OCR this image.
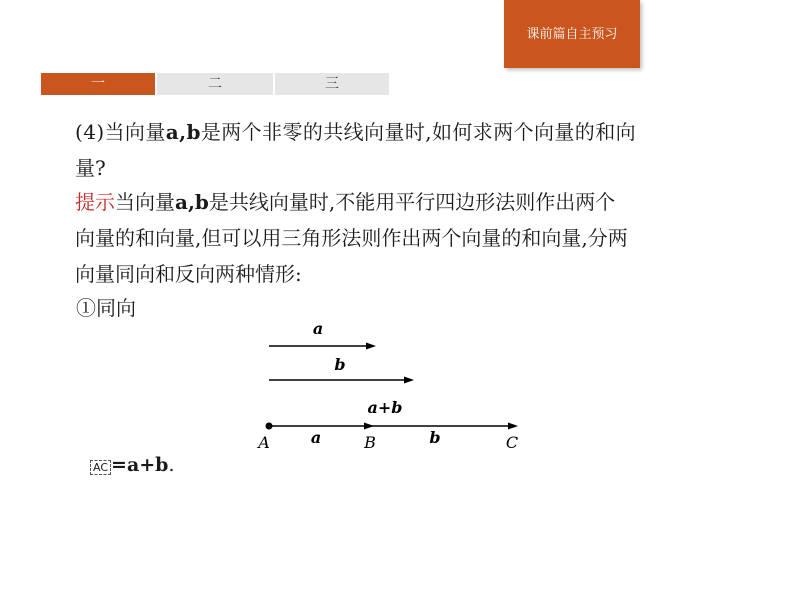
课前篇自主预习
一	二	三
(4)当向量a,b是两个非零的共线向量时,如何求两个向量的和向
量?
提示当向量a,b是共线向量时,不能用平行四边形法则作出两个
向量的和向量,但可以用三角形法则作出两个向量的和向量,分两
向量同向和反向两种情形:
①同向
a
b
a+b
A	a	B	b	C
AC =a+b.
